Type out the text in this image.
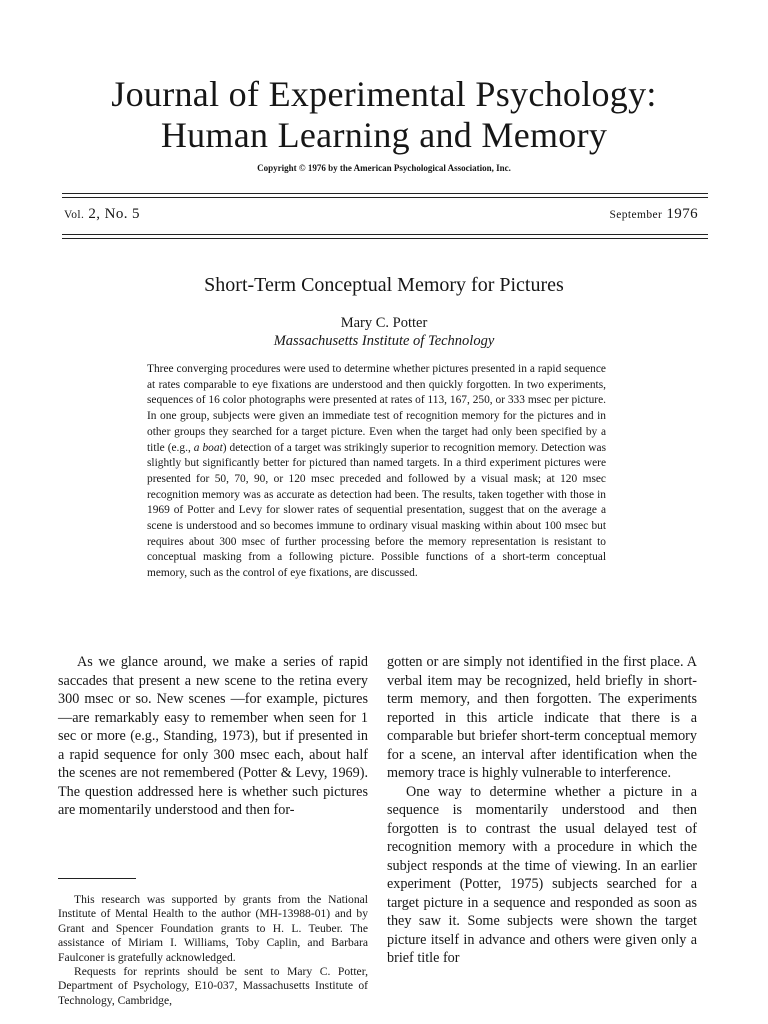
Journal of Experimental Psychology:
Human Learning and Memory
Copyright © 1976 by the American Psychological Association, Inc.
Vol. 2, No. 5	September 1976
Short-Term Conceptual Memory for Pictures
Mary C. Potter
Massachusetts Institute of Technology
Three converging procedures were used to determine whether pictures presented in a rapid sequence at rates comparable to eye fixations are understood and then quickly forgotten. In two experiments, sequences of 16 color photographs were presented at rates of 113, 167, 250, or 333 msec per picture. In one group, subjects were given an immediate test of recognition memory for the pictures and in other groups they searched for a target picture. Even when the target had only been specified by a title (e.g., a boat) detection of a target was strikingly superior to recognition memory. Detection was slightly but significantly better for pictured than named targets. In a third experiment pictures were presented for 50, 70, 90, or 120 msec preceded and followed by a visual mask; at 120 msec recognition memory was as accurate as detection had been. The results, taken together with those in 1969 of Potter and Levy for slower rates of sequential presentation, suggest that on the average a scene is understood and so becomes immune to ordinary visual masking within about 100 msec but requires about 300 msec of further processing before the memory representation is resistant to conceptual masking from a following picture. Possible functions of a short-term conceptual memory, such as the control of eye fixations, are discussed.

As we glance around, we make a series of rapid saccades that present a new scene to the retina every 300 msec or so. New scenes —for example, pictures—are remarkably easy to remember when seen for 1 sec or more (e.g., Standing, 1973), but if presented in a rapid sequence for only 300 msec each, about half the scenes are not remembered (Potter & Levy, 1969). The question addressed here is whether such pictures are momentarily understood and then for-

gotten or are simply not identified in the first place. A verbal item may be recognized, held briefly in short-term memory, and then forgotten. The experiments reported in this article indicate that there is a comparable but briefer short-term conceptual memory for a scene, an interval after identification when the memory trace is highly vulnerable to interference.

One way to determine whether a picture in a sequence is momentarily understood and then forgotten is to contrast the usual delayed test of recognition memory with a procedure in which the subject responds at the time of viewing. In an earlier experiment (Potter, 1975) subjects searched for a target picture in a sequence and responded as soon as they saw it. Some subjects were shown the target picture itself in advance and others were given only a brief title for

This research was supported by grants from the National Institute of Mental Health to the author (MH-13988-01) and by Grant and Spencer Foundation grants to H. L. Teuber. The assistance of Miriam I. Williams, Toby Caplin, and Barbara Faulconer is gratefully acknowledged.

Requests for reprints should be sent to Mary C. Potter, Department of Psychology, E10-037, Massachusetts Institute of Technology, Cambridge,
